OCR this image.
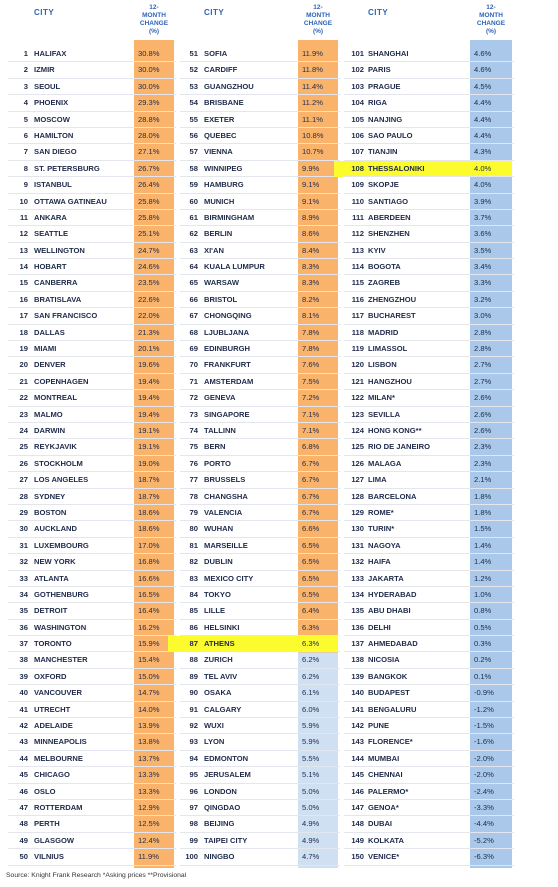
CITY
12-
MONTH
CHANGE
(%)
CITY
12-
MONTH
CHANGE
(%)
CITY
12-
MONTH
CHANGE
(%)
1 HALIFAX	30.8%
2 IZMIR	30.0%
3 SEOUL	30.0%
4 PHOENIX	29.3%
5 MOSCOW	28.8%
6 HAMILTON	28.0%
7 SAN DIEGO	27.1%
8 ST. PETERSBURG	26.7%
9 ISTANBUL	26.4%
10 OTTAWA GATINEAU	25.8%
11 ANKARA	25.8%
12 SEATTLE	25.1%
13 WELLINGTON	24.7%
14 HOBART	24.6%
15 CANBERRA	23.5%
16 BRATISLAVA	22.6%
17 SAN FRANCISCO	22.0%
18 DALLAS	21.3%
19 MIAMI	20.1%
20 DENVER	19.6%
21 COPENHAGEN	19.4%
22 MONTREAL	19.4%
23 MALMO	19.4%
24 DARWIN	19.1%
25 REYKJAVIK	19.1%
26 STOCKHOLM	19.0%
27 LOS ANGELES	18.7%
28 SYDNEY	18.7%
29 BOSTON	18.6%
30 AUCKLAND	18.6%
31 LUXEMBOURG	17.0%
32 NEW YORK	16.8%
33 ATLANTA	16.6%
34 GOTHENBURG	16.5%
35 DETROIT	16.4%
36 WASHINGTON	16.2%
37 TORONTO	15.9%
38 MANCHESTER	15.4%
39 OXFORD	15.0%
40 VANCOUVER	14.7%
41 UTRECHT	14.0%
42 ADELAIDE	13.9%
43 MINNEAPOLIS	13.8%
44 MELBOURNE	13.7%
45 CHICAGO	13.3%
46 OSLO	13.3%
47 ROTTERDAM	12.9%
48 PERTH	12.5%
49 GLASGOW	12.4%
50 VILNIUS	11.9%
51 SOFIA	11.9%
52 CARDIFF	11.8%
53 GUANGZHOU	11.4%
54 BRISBANE	11.2%
55 EXETER	11.1%
56 QUEBEC	10.8%
57 VIENNA	10.7%
58 WINNIPEG	9.9%
59 HAMBURG	9.1%
60 MUNICH	9.1%
61 BIRMINGHAM	8.9%
62 BERLIN	8.6%
63 XI'AN	8.4%
64 KUALA LUMPUR	8.3%
65 WARSAW	8.3%
66 BRISTOL	8.2%
67 CHONGQING	8.1%
68 LJUBLJANA	7.8%
69 EDINBURGH	7.8%
70 FRANKFURT	7.6%
71 AMSTERDAM	7.5%
72 GENEVA	7.2%
73 SINGAPORE	7.1%
74 TALLINN	7.1%
75 BERN	6.8%
76 PORTO	6.7%
77 BRUSSELS	6.7%
78 CHANGSHA	6.7%
79 VALENCIA	6.7%
80 WUHAN	6.6%
81 MARSEILLE	6.5%
82 DUBLIN	6.5%
83 MEXICO CITY	6.5%
84 TOKYO	6.5%
85 LILLE	6.4%
86 HELSINKI	6.3%
87 ATHENS	6.3%
88 ZURICH	6.2%
89 TEL AVIV	6.2%
90 OSAKA	6.1%
91 CALGARY	6.0%
92 WUXI	5.9%
93 LYON	5.9%
94 EDMONTON	5.5%
95 JERUSALEM	5.1%
96 LONDON	5.0%
97 QINGDAO	5.0%
98 BEIJING	4.9%
99 TAIPEI CITY	4.9%
100 NINGBO	4.7%
101 SHANGHAI	4.6%
102 PARIS	4.6%
103 PRAGUE	4.5%
104 RIGA	4.4%
105 NANJING	4.4%
106 SAO PAULO	4.4%
107 TIANJIN	4.3%
108 THESSALONIKI	4.0%
109 SKOPJE	4.0%
110 SANTIAGO	3.9%
111 ABERDEEN	3.7%
112 SHENZHEN	3.6%
113 KYIV	3.5%
114 BOGOTA	3.4%
115 ZAGREB	3.3%
116 ZHENGZHOU	3.2%
117 BUCHAREST	3.0%
118 MADRID	2.8%
119 LIMASSOL	2.8%
120 LISBON	2.7%
121 HANGZHOU	2.7%
122 MILAN*	2.6%
123 SEVILLA	2.6%
124 HONG KONG**	2.6%
125 RIO DE JANEIRO	2.3%
126 MALAGA	2.3%
127 LIMA	2.1%
128 BARCELONA	1.8%
129 ROME*	1.8%
130 TURIN*	1.5%
131 NAGOYA	1.4%
132 HAIFA	1.4%
133 JAKARTA	1.2%
134 HYDERABAD	1.0%
135 ABU DHABI	0.8%
136 DELHI	0.5%
137 AHMEDABAD	0.3%
138 NICOSIA	0.2%
139 BANGKOK	0.1%
140 BUDAPEST	-0.9%
141 BENGALURU	-1.2%
142 PUNE	-1.5%
143 FLORENCE*	-1.6%
144 MUMBAI	-2.0%
145 CHENNAI	-2.0%
146 PALERMO*	-2.4%
147 GENOA*	-3.3%
148 DUBAI	-4.4%
149 KOLKATA	-5.2%
150 VENICE*	-6.3%
Source: Knight Frank Research *Asking prices **Provisional
